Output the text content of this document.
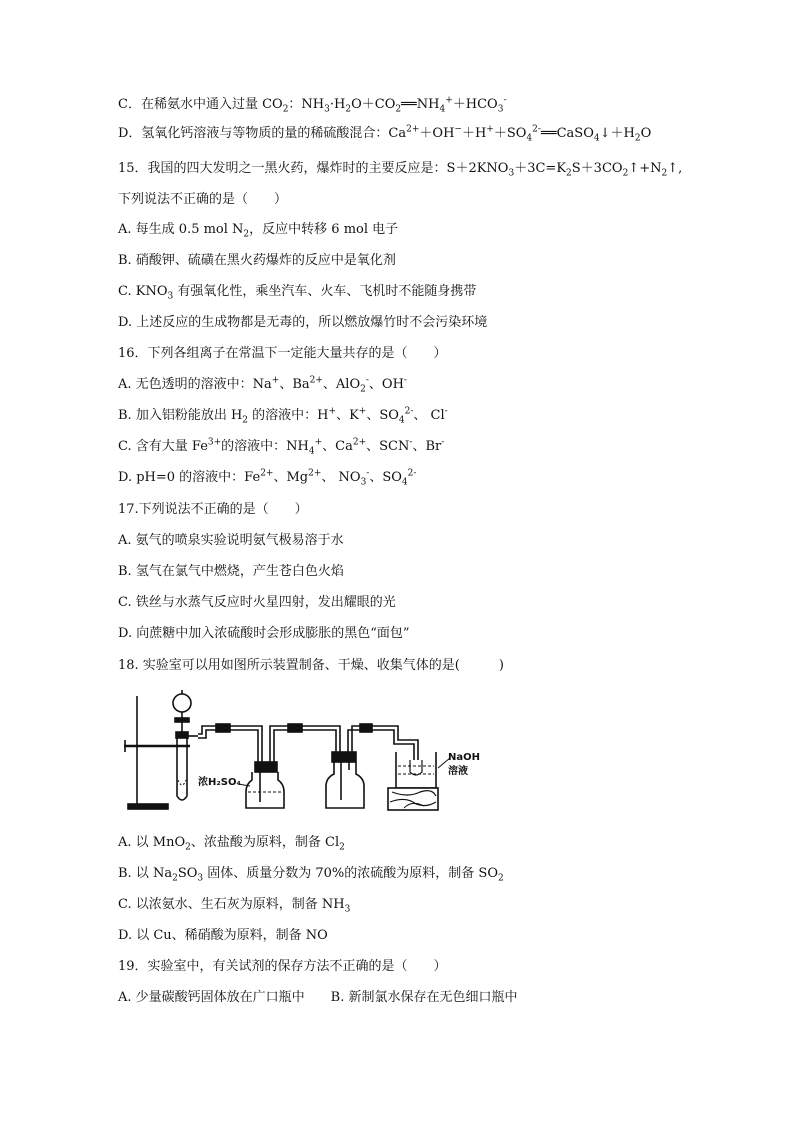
C．在稀氨水中通入过量 $CO_2$：$NH_3\cdot H_2O+CO_2══NH_4^++HCO_3^-$
D．氢氧化钙溶液与等物质的量的稀硫酸混合：$Ca^{2+}+OH^-+H^++SO_4^{2-}══CaSO_4↓+H_2O$
15．我国的四大发明之一黑火药，爆炸时的主要反应是：$S+2KNO_3+3C=K_2S+3CO_2↑+N_2↑$,
下列说法不正确的是（　　）
A. 每生成 0.5 mol $N_2$，反应中转移 6 mol 电子
B. 硝酸钾、硫磺在黑火药爆炸的反应中是氧化剂
C. $KNO_3$ 有强氧化性，乘坐汽车、火车、飞机时不能随身携带
D. 上述反应的生成物都是无毒的，所以燃放爆竹时不会污染环境
16．下列各组离子在常温下一定能大量共存的是（　　）
A. 无色透明的溶液中：Na+、$Ba^{2+}$、AlO$_2$-、OH-
B. 加入铝粉能放出 $H_2$ 的溶液中：H+、K+、$SO_4^{2-}$、 Cl-
C. 含有大量 $Fe^{3+}$的溶液中：$NH_4^+$、$Ca^{2+}$、SCN-、Br-
D. pH=0 的溶液中：$Fe^{2+}$、$Mg^{2+}$、 $NO_3^-$、$SO_4^{2-}$
17.下列说法不正确的是（　　）
A. 氨气的喷泉实验说明氨气极易溶于水
B. 氢气在氯气中燃烧，产生苍白色火焰
C. 铁丝与水蒸气反应时火星四射，发出耀眼的光
D. 向蔗糖中加入浓硫酸时会形成膨胀的黑色“面包”
18. 实验室可以用如图所示装置制备、干燥、收集气体的是(　　　)
A. 以 MnO$_2$、浓盐酸为原料，制备 $Cl_2$
B. 以 $Na_2SO_3$ 固体、质量分数为 70%的浓硫酸为原料，制备 $SO_2$
C. 以浓氨水、生石灰为原料，制备 $NH_3$
D. 以 Cu、稀硝酸为原料，制备 NO
19．实验室中，有关试剂的保存方法不正确的是（　　）
A. 少量碳酸钙固体放在广口瓶中　　B. 新制氯水保存在无色细口瓶中
浓H₂SO₄
NaOH
溶液
